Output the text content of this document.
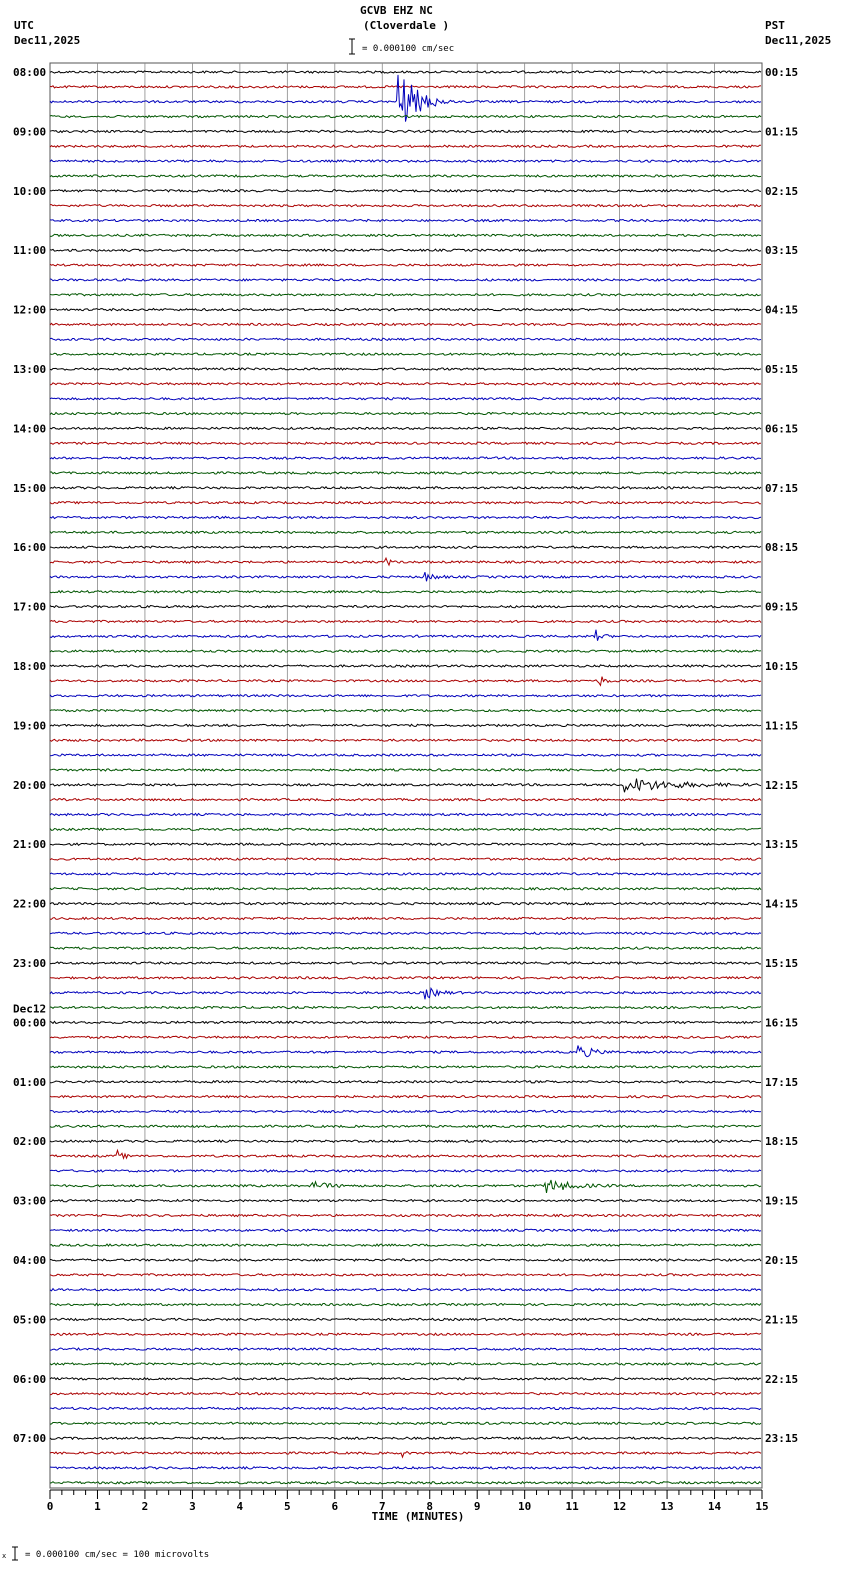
GCVB EHZ NC
(Cloverdale )
UTC
Dec11,2025
PST
Dec11,2025
= 0.000100 cm/sec
= 0.000100 cm/sec = 100 microvolts
x
08:00
09:00
10:00
11:00
12:00
13:00
14:00
15:00
16:00
17:00
18:00
19:00
20:00
21:00
22:00
23:00
00:00
Dec12
01:00
02:00
03:00
04:00
05:00
06:00
07:00
00:15
01:15
02:15
03:15
04:15
05:15
06:15
07:15
08:15
09:15
10:15
11:15
12:15
13:15
14:15
15:15
16:15
17:15
18:15
19:15
20:15
21:15
22:15
23:15
0	1	2	3	4	5	6	7	8	9	10	11	12	13	14	15
TIME (MINUTES)
